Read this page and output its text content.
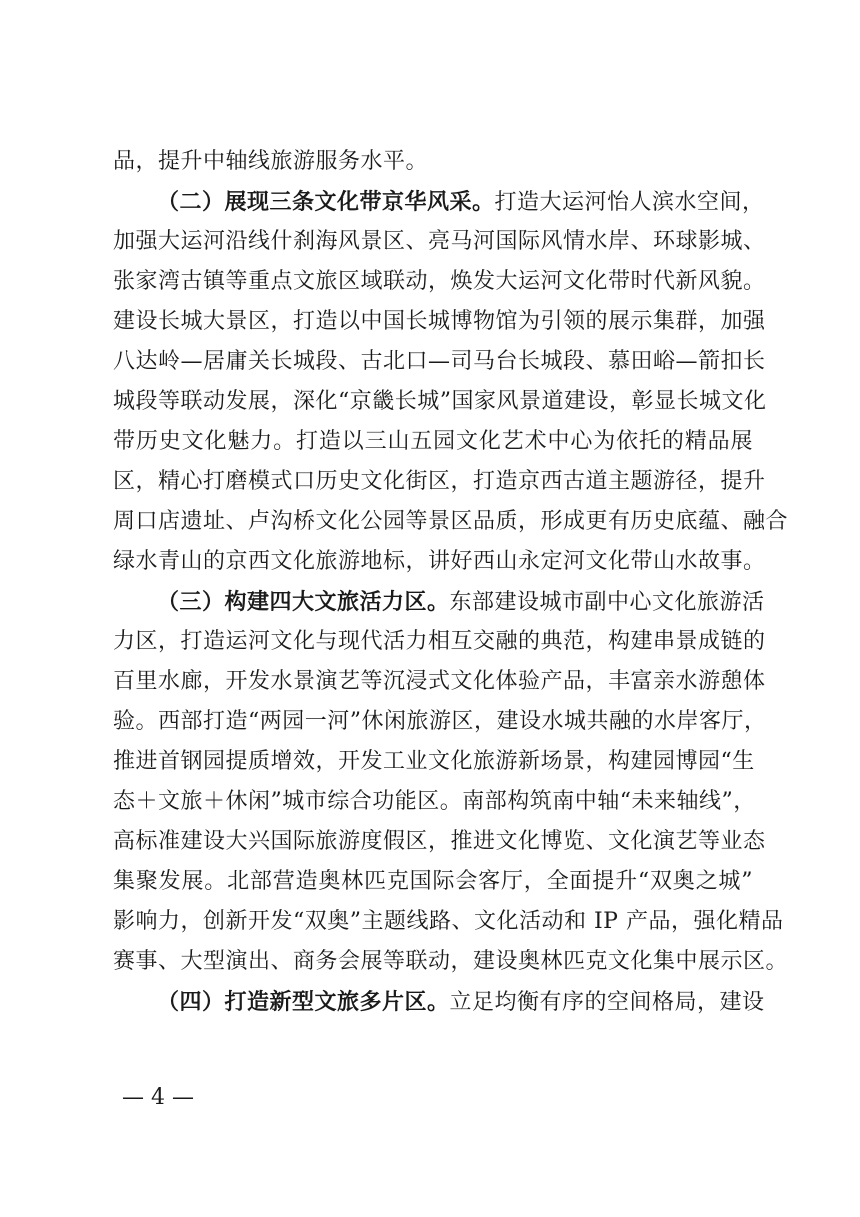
品，提升中轴线旅游服务水平。
（二）展现三条文化带京华风采。打造大运河怡人滨水空间，
加强大运河沿线什刹海风景区、亮马河国际风情水岸、环球影城、
张家湾古镇等重点文旅区域联动，焕发大运河文化带时代新风貌。
建设长城大景区，打造以中国长城博物馆为引领的展示集群，加强
八达岭—居庸关长城段、古北口—司马台长城段、慕田峪—箭扣长
城段等联动发展，深化“京畿长城”国家风景道建设，彰显长城文化
带历史文化魅力。打造以三山五园文化艺术中心为依托的精品展
区，精心打磨模式口历史文化街区，打造京西古道主题游径，提升
周口店遗址、卢沟桥文化公园等景区品质，形成更有历史底蕴、融合
绿水青山的京西文化旅游地标，讲好西山永定河文化带山水故事。
（三）构建四大文旅活力区。东部建设城市副中心文化旅游活
力区，打造运河文化与现代活力相互交融的典范，构建串景成链的
百里水廊，开发水景演艺等沉浸式文化体验产品，丰富亲水游憩体
验。西部打造“两园一河”休闲旅游区，建设水城共融的水岸客厅，
推进首钢园提质增效，开发工业文化旅游新场景，构建园博园“生
态＋文旅＋休闲”城市综合功能区。南部构筑南中轴“未来轴线”，
高标准建设大兴国际旅游度假区，推进文化博览、文化演艺等业态
集聚发展。北部营造奥林匹克国际会客厅，全面提升“双奥之城”
影响力，创新开发“双奥”主题线路、文化活动和 IP 产品，强化精品
赛事、大型演出、商务会展等联动，建设奥林匹克文化集中展示区。
（四）打造新型文旅多片区。立足均衡有序的空间格局，建设
— 4 —
